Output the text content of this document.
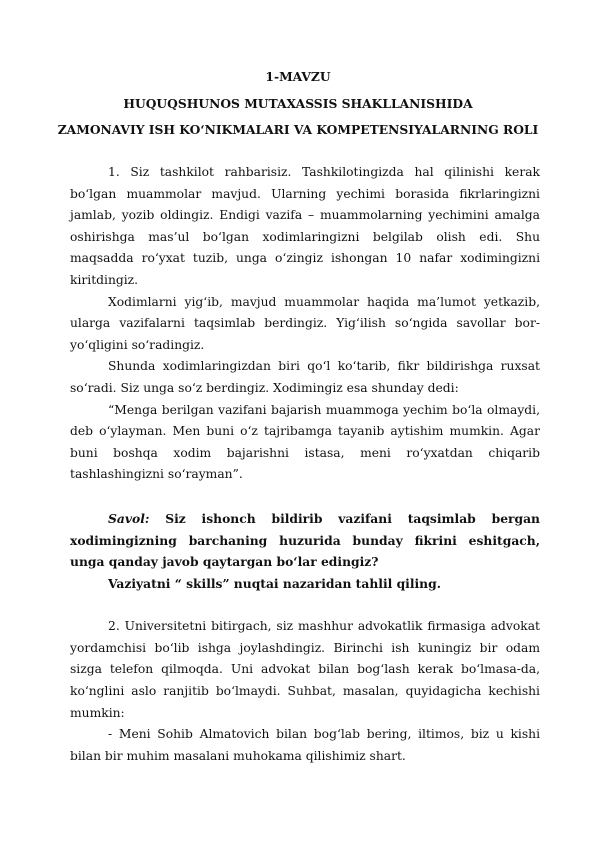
1-MAVZU
HUQUQSHUNOS MUTAXASSIS SHAKLLANISHIDA
ZAMONAVIY ISH KO‘NIKMALARI VA KOMPETENSIYALARNING ROLI

1. Siz tashkilot rahbarisiz. Tashkilotingizda hal qilinishi kerak bo‘lgan muammolar mavjud. Ularning yechimi borasida fikrlaringizni jamlab, yozib oldingiz. Endigi vazifa – muammolarning yechimini amalga oshirishga mas’ul bo‘lgan xodimlaringizni belgilab olish edi. Shu maqsadda ro‘yxat tuzib, unga o‘zingiz ishongan 10 nafar xodimingizni kiritdingiz.

Xodimlarni yig‘ib, mavjud muammolar haqida ma’lumot yetkazib, ularga vazifalarni taqsimlab berdingiz. Yig‘ilish so‘ngida savollar bor-yo‘qligini so‘radingiz.

Shunda xodimlaringizdan biri qo‘l ko‘tarib, fikr bildirishga ruxsat so‘radi. Siz unga so‘z berdingiz. Xodimingiz esa shunday dedi:

“Menga berilgan vazifani bajarish muammoga yechim bo‘la olmaydi, deb o‘ylayman. Men buni o‘z tajribamga tayanib aytishim mumkin. Agar buni boshqa xodim bajarishni istasa, meni ro‘yxatdan chiqarib tashlashingizni so‘rayman”.

Savol: Siz ishonch bildirib vazifani taqsimlab bergan xodimingizning barchaning huzurida bunday fikrini eshitgach, unga qanday javob qaytargan bo‘lar edingiz?

Vaziyatni “ skills” nuqtai nazaridan tahlil qiling.

2. Universitetni bitirgach, siz mashhur advokatlik firmasiga advokat yordamchisi bo‘lib ishga joylashdingiz. Birinchi ish kuningiz bir odam sizga telefon qilmoqda. Uni advokat bilan bog‘lash kerak bo‘lmasa-da, ko‘nglini aslo ranjitib bo‘lmaydi. Suhbat, masalan, quyidagicha kechishi mumkin:

- Meni Sohib Almatovich bilan bog‘lab bering, iltimos, biz u kishi bilan bir muhim masalani muhokama qilishimiz shart.
